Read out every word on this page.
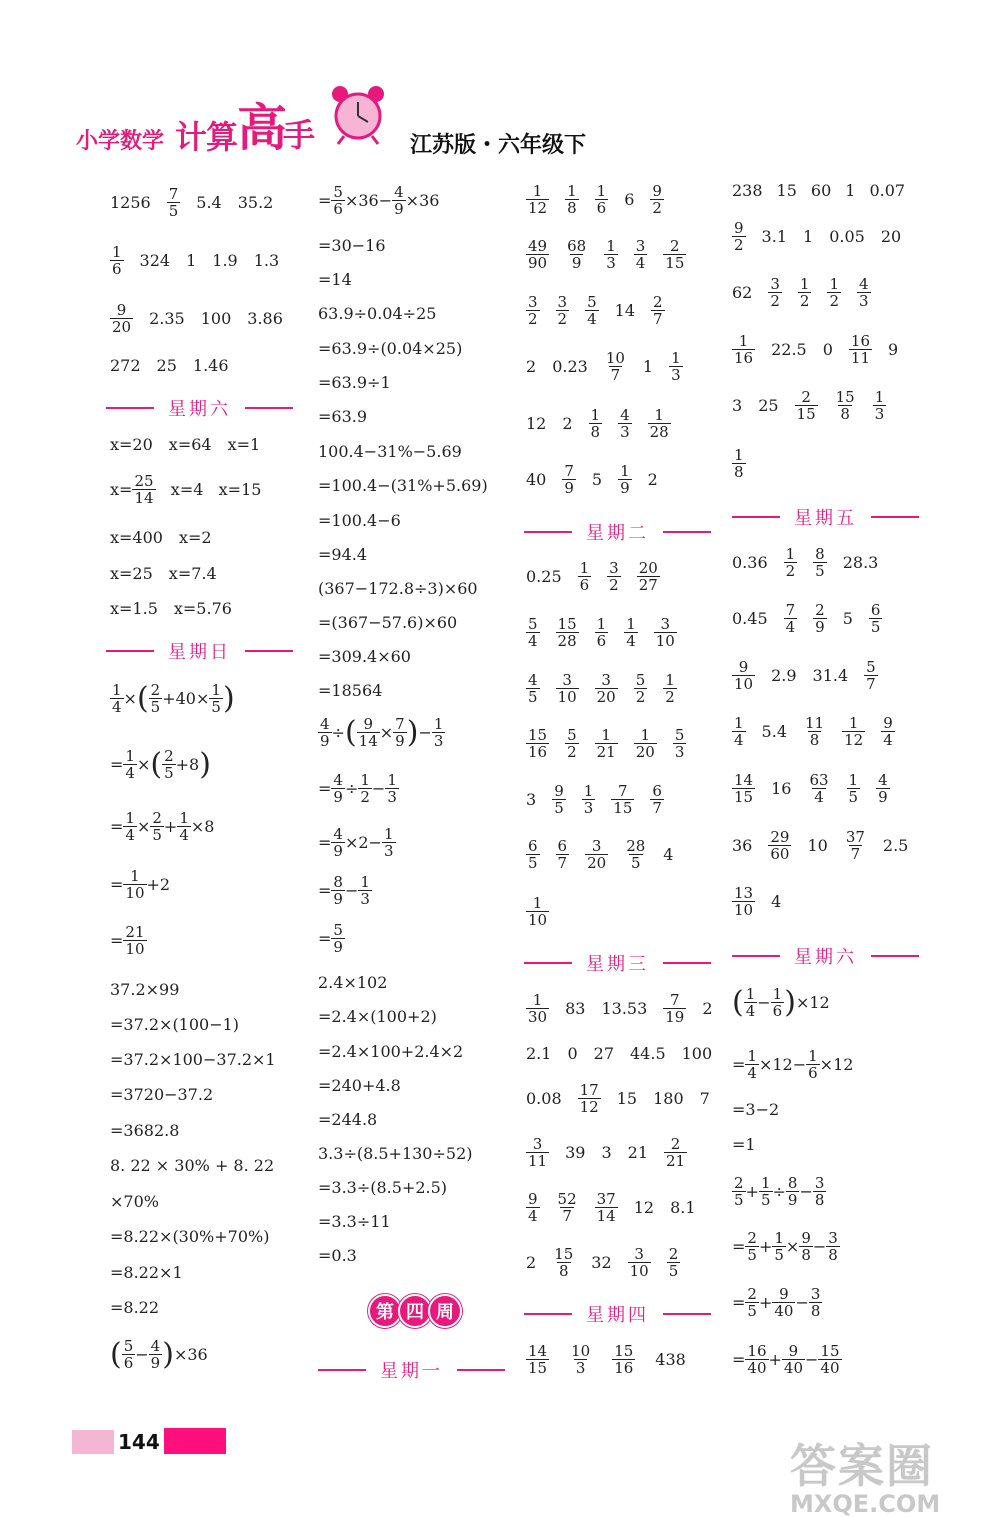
小学数学 计算 高
手	江苏版・六年级下
星期六
星期日
星期二
星期三
星期四
星期五
星期六
星期一
第 四 周
144	答案圈
MXQE.COM
1256 7
5 5.4 35.2
1
6 324 1 1.9 1.3
9
20 2.35 100 3.86
272 25 1.46
x=20 x=64 x=1
$x= \frac{25}{14} x=4$   x=15
x=400 x=2
x=25 x=7.4
x=1.5 x=5.76
$\frac{1}{4}$ × ( 2
$5 +40\times \frac{1}{5}$ )
= $\frac{1}{4}$ × ( 2
5 +8 )
= $\frac{1}{4} \times \frac{2}{5} + \frac{1}{4} \times 8$
= $\frac{1}{10} +2$
= $\frac{21}{10}$
37.2×99
=37.2×(100−1)
=37.2×100−37.2×1
=3720−37.2
=3682.8
8. 22 × 30% + 8. 22
×70%
=8.22×(30%+70%)
=8.22×1
=8.22
( 5
$6 - \frac{4}{9}$ ) ×36
= $\frac{5}{6} \times 36- \frac{4}{9} \times 36$
=30−16
=14
63.9÷0.04÷25
=63.9÷(0.04×25)
=63.9÷1
=63.9
100.4−31%−5.69
=100.4−(31%+5.69)
=100.4−6
=94.4
(367−172.8÷3)×60
=(367−57.6)×60
=309.4×60
=18564
$\frac{4}{9}$ ÷ ( $\frac{9}{14} \times \frac{7}{9}$ ) − $\frac{1}{3}$
= $\frac{4}{9} \div \frac{1}{2} - \frac{1}{3}$
= $\frac{4}{9} \times 2- \frac{1}{3}$
= $\frac{8}{9} - \frac{1}{3}$
= $\frac{5}{9}$
2.4×102
=2.4×(100+2)
=2.4×100+2.4×2
=240+4.8
=244.8
3.3÷(8.5+130÷52)
=3.3÷(8.5+2.5)
=3.3÷11
=0.3
1
12
1
8
1
6 6 9
2
49
90
68
9
1
3
3
4
2
15
3
2
3
2
5
4 14 2
7
2 0.23 10
7 1 1
3
12 2 1
8
4
3
1
28
40 7
9 5 1
9 2
0.25 1
6
3
2
20
27
5
4
15
28
1
6
1
4
3
10
4
5
3
10
3
20
5
2
1
2
15
16
5
2
1
21
1
20
5
3
3 9
5
1
3
7
15
6
7
6
5
6
7
3
20
28
5 4
1
10
1
30 83 13.53 7
19 2
2.1 0 27 44.5 100
0.08 17
12 15 180 7
3
11 39 3 21 2
21
9
4
52
7
37
14 12 8.1
2 15
8 32 3
10
2
5
14
15
10
3
15
16 438
238 15 60 1 0.07
9
2 3.1 1 0.05 20
62 3
2
1
2
1
2
4
3
1
16 22.5 0 16
11 9
3 25 2
15
15
8
1
3
1
8
0.36 1
2
8
5 28.3
0.45 7
4
2
9 5 6
5
9
10 2.9 31.4 5
7
1
4 5.4 11
8
1
12
9
4
14
15 16 63
4
1
5
4
9
36 29
60 10 37
7 2.5
13
10 4
( 1
$4 - \frac{1}{6}$ ) ×12
= $\frac{1}{4} \times 12- \frac{1}{6} \times 12$
=3−2
=1
2
$5 + \frac{1}{5} \div \frac{8}{9} - \frac{3}{8}$
= $\frac{2}{5} + \frac{1}{5} \times \frac{9}{8} - \frac{3}{8}$
= $\frac{2}{5} + \frac{9}{40} - \frac{3}{8}$
= $\frac{16}{40} + \frac{9}{40} - \frac{15}{40}$
